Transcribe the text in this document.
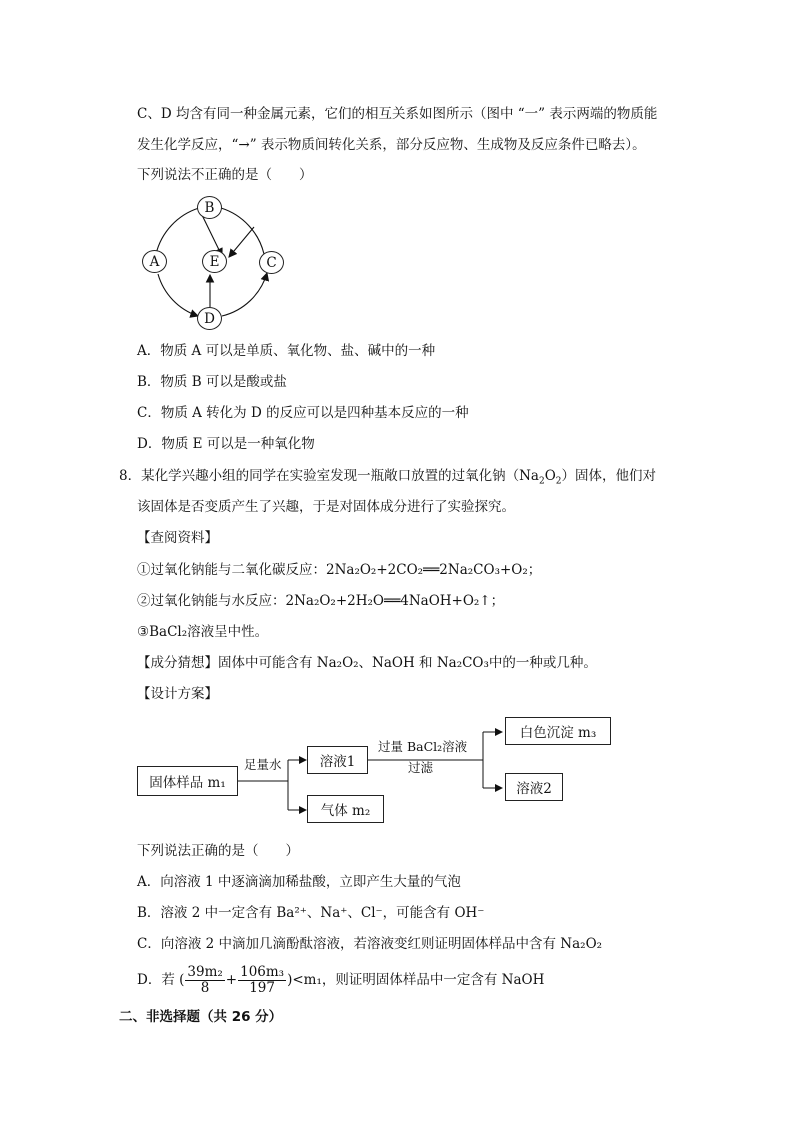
C、D 均含有同一种金属元素，它们的相互关系如图所示（图中 “一” 表示两端的物质能
发生化学反应，“→” 表示物质间转化关系，部分反应物、生成物及反应条件已略去）。
下列说法不正确的是（　　）
B
A	E	C
D
A．物质 A 可以是单质、氧化物、盐、碱中的一种
B．物质 B 可以是酸或盐
C．物质 A 转化为 D 的反应可以是四种基本反应的一种
D．物质 E 可以是一种氧化物
8．某化学兴趣小组的同学在实验室发现一瓶敞口放置的过氧化钠$(Na_2O_2)$固体，他们对
该固体是否变质产生了兴趣，于是对固体成分进行了实验探究。
【查阅资料】
①过氧化钠能与二氧化碳反应：2Na₂O₂+2CO₂══2Na₂CO₃+O₂；
②过氧化钠能与水反应：2Na₂O₂+2H₂O══4NaOH+O₂↑；
③BaCl₂溶液呈中性。
【成分猜想】固体中可能含有 Na₂O₂、NaOH 和 Na₂CO₃中的一种或几种。
【设计方案】
固体样品 m₁
足量水	溶液1
气体 m₂
过量 BaCl₂溶液
过滤
白色沉淀 m₃
溶液2
下列说法正确的是（　　）
A．向溶液 1 中逐滴滴加稀盐酸，立即产生大量的气泡
B．溶液 2 中一定含有 Ba²⁺、Na⁺、Cl⁻，可能含有 OH⁻
C．向溶液 2 中滴加几滴酚酞溶液，若溶液变红则证明固体样品中含有 Na₂O₂
D．若 ( $\frac{\text{39m₂}}{8} + \frac{\text{106m₃}}{197} )<m_1$，则证明固体样品中一定含有 NaOH
二、非选择题（共 26 分）
